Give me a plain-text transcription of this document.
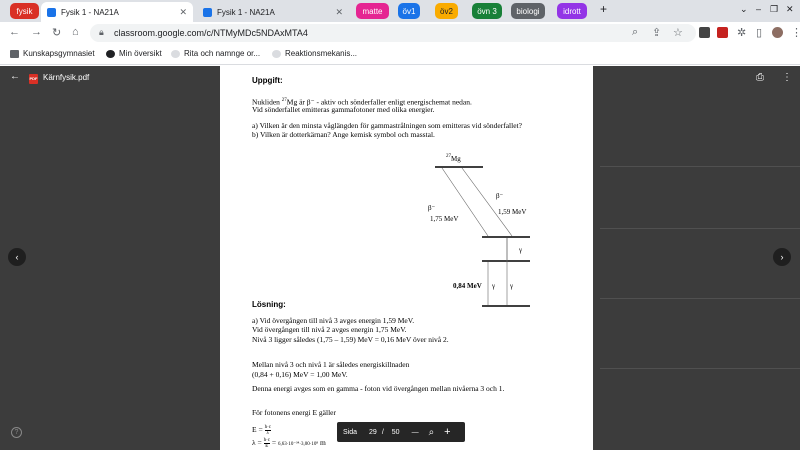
fysik	Fysik 1 - NA21A	✕	Fysik 1 - NA21A	✕	matte	öv1	öv2	övn 3	biologi	idrott	+	⌄ – ❐ ✕
← → ↻ ⌂ 🔒︎ classroom.google.com/c/NTMyMDc5NDAxMTA4	⌕ ⇪ ☆	✲ ▯	⋮
Kunskapsgymnasiet	Min översikt	Rita och namnge or...	Reaktionsmekanis...
← PDF Kärnfysik.pdf	⎙ ⋮
Uppgift:
Nukliden $^{27}$Mg är β⁻ - aktiv och sönderfaller enligt energischemat nedan.
Vid sönderfallet emitteras gammafotoner med olika energier.
a) Vilken är den minsta våglängden för gammastrålningen som emitteras vid sönderfallet?
b) Vilken är dotterkärnan? Ange kemisk symbol och masstal.
$^{27}$Mg
β⁻
1,75 MeV
β⁻
1,59 MeV
γ
0,84 MeV γ γ
Lösning:
a) Vid övergången till nivå 3 avges energin 1,59 MeV.
Vid övergången till nivå 2 avges energin 1,75 MeV.
Nivå 3 ligger således (1,75 – 1,59) MeV = 0,16 MeV över nivå 2.
Mellan nivå 3 och nivå 1 är således energiskillnaden
(0,84 + 0,16) MeV = 1,00 MeV.
Denna energi avges som en gamma - foton vid övergången mellan nivåerna 3 och 1.
För fotonens energi E gäller
$E = \frac{h\cdot c}{\lambda}$
$\lambda = \frac{h\cdot c}{E} = 6,63\cdot 10^{-34}\cdot 3,00\cdot 10^8$ m
‹	›
Sida 29 / 50 — ⌕ +
?
